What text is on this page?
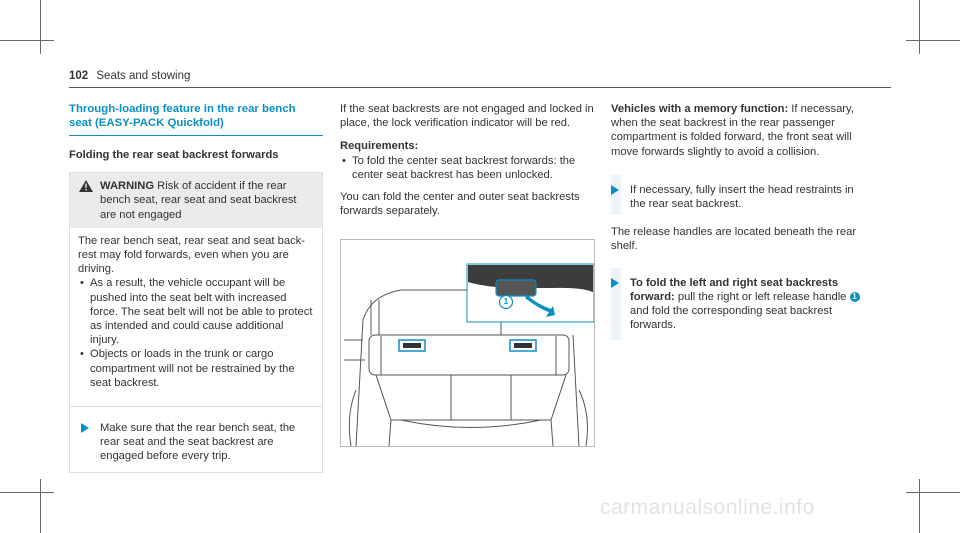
102 Seats and stowing
Through-loading feature in the rear bench
seat (EASY-PACK Quickfold)
Folding the rear seat backrest forwards
WARNING Risk of accident if the rear bench seat, rear seat and seat backrest are not engaged
The rear bench seat, rear seat and seat back-rest may fold forwards, even when you are driving.
• As a result, the vehicle occupant will be pushed into the seat belt with increased force. The seat belt will not be able to protect as intended and could cause additional injury.
• Objects or loads in the trunk or cargo compartment will not be restrained by the seat backrest.
Make sure that the rear bench seat, the rear seat and the seat backrest are engaged before every trip.
If the seat backrests are not engaged and locked in place, the lock verification indicator will be red.
Requirements:
• To fold the center seat backrest forwards: the center seat backrest has been unlocked.
You can fold the center and outer seat backrests forwards separately.
1
Vehicles with a memory function: If necessary, when the seat backrest in the rear passenger compartment is folded forward, the front seat will move forwards slightly to avoid a collision.
If necessary, fully insert the head restraints in the rear seat backrest.
The release handles are located beneath the rear shelf.
To fold the left and right seat backrests forward: pull the right or left release handle 1 and fold the corresponding seat backrest forwards.
carmanualsonline.info
